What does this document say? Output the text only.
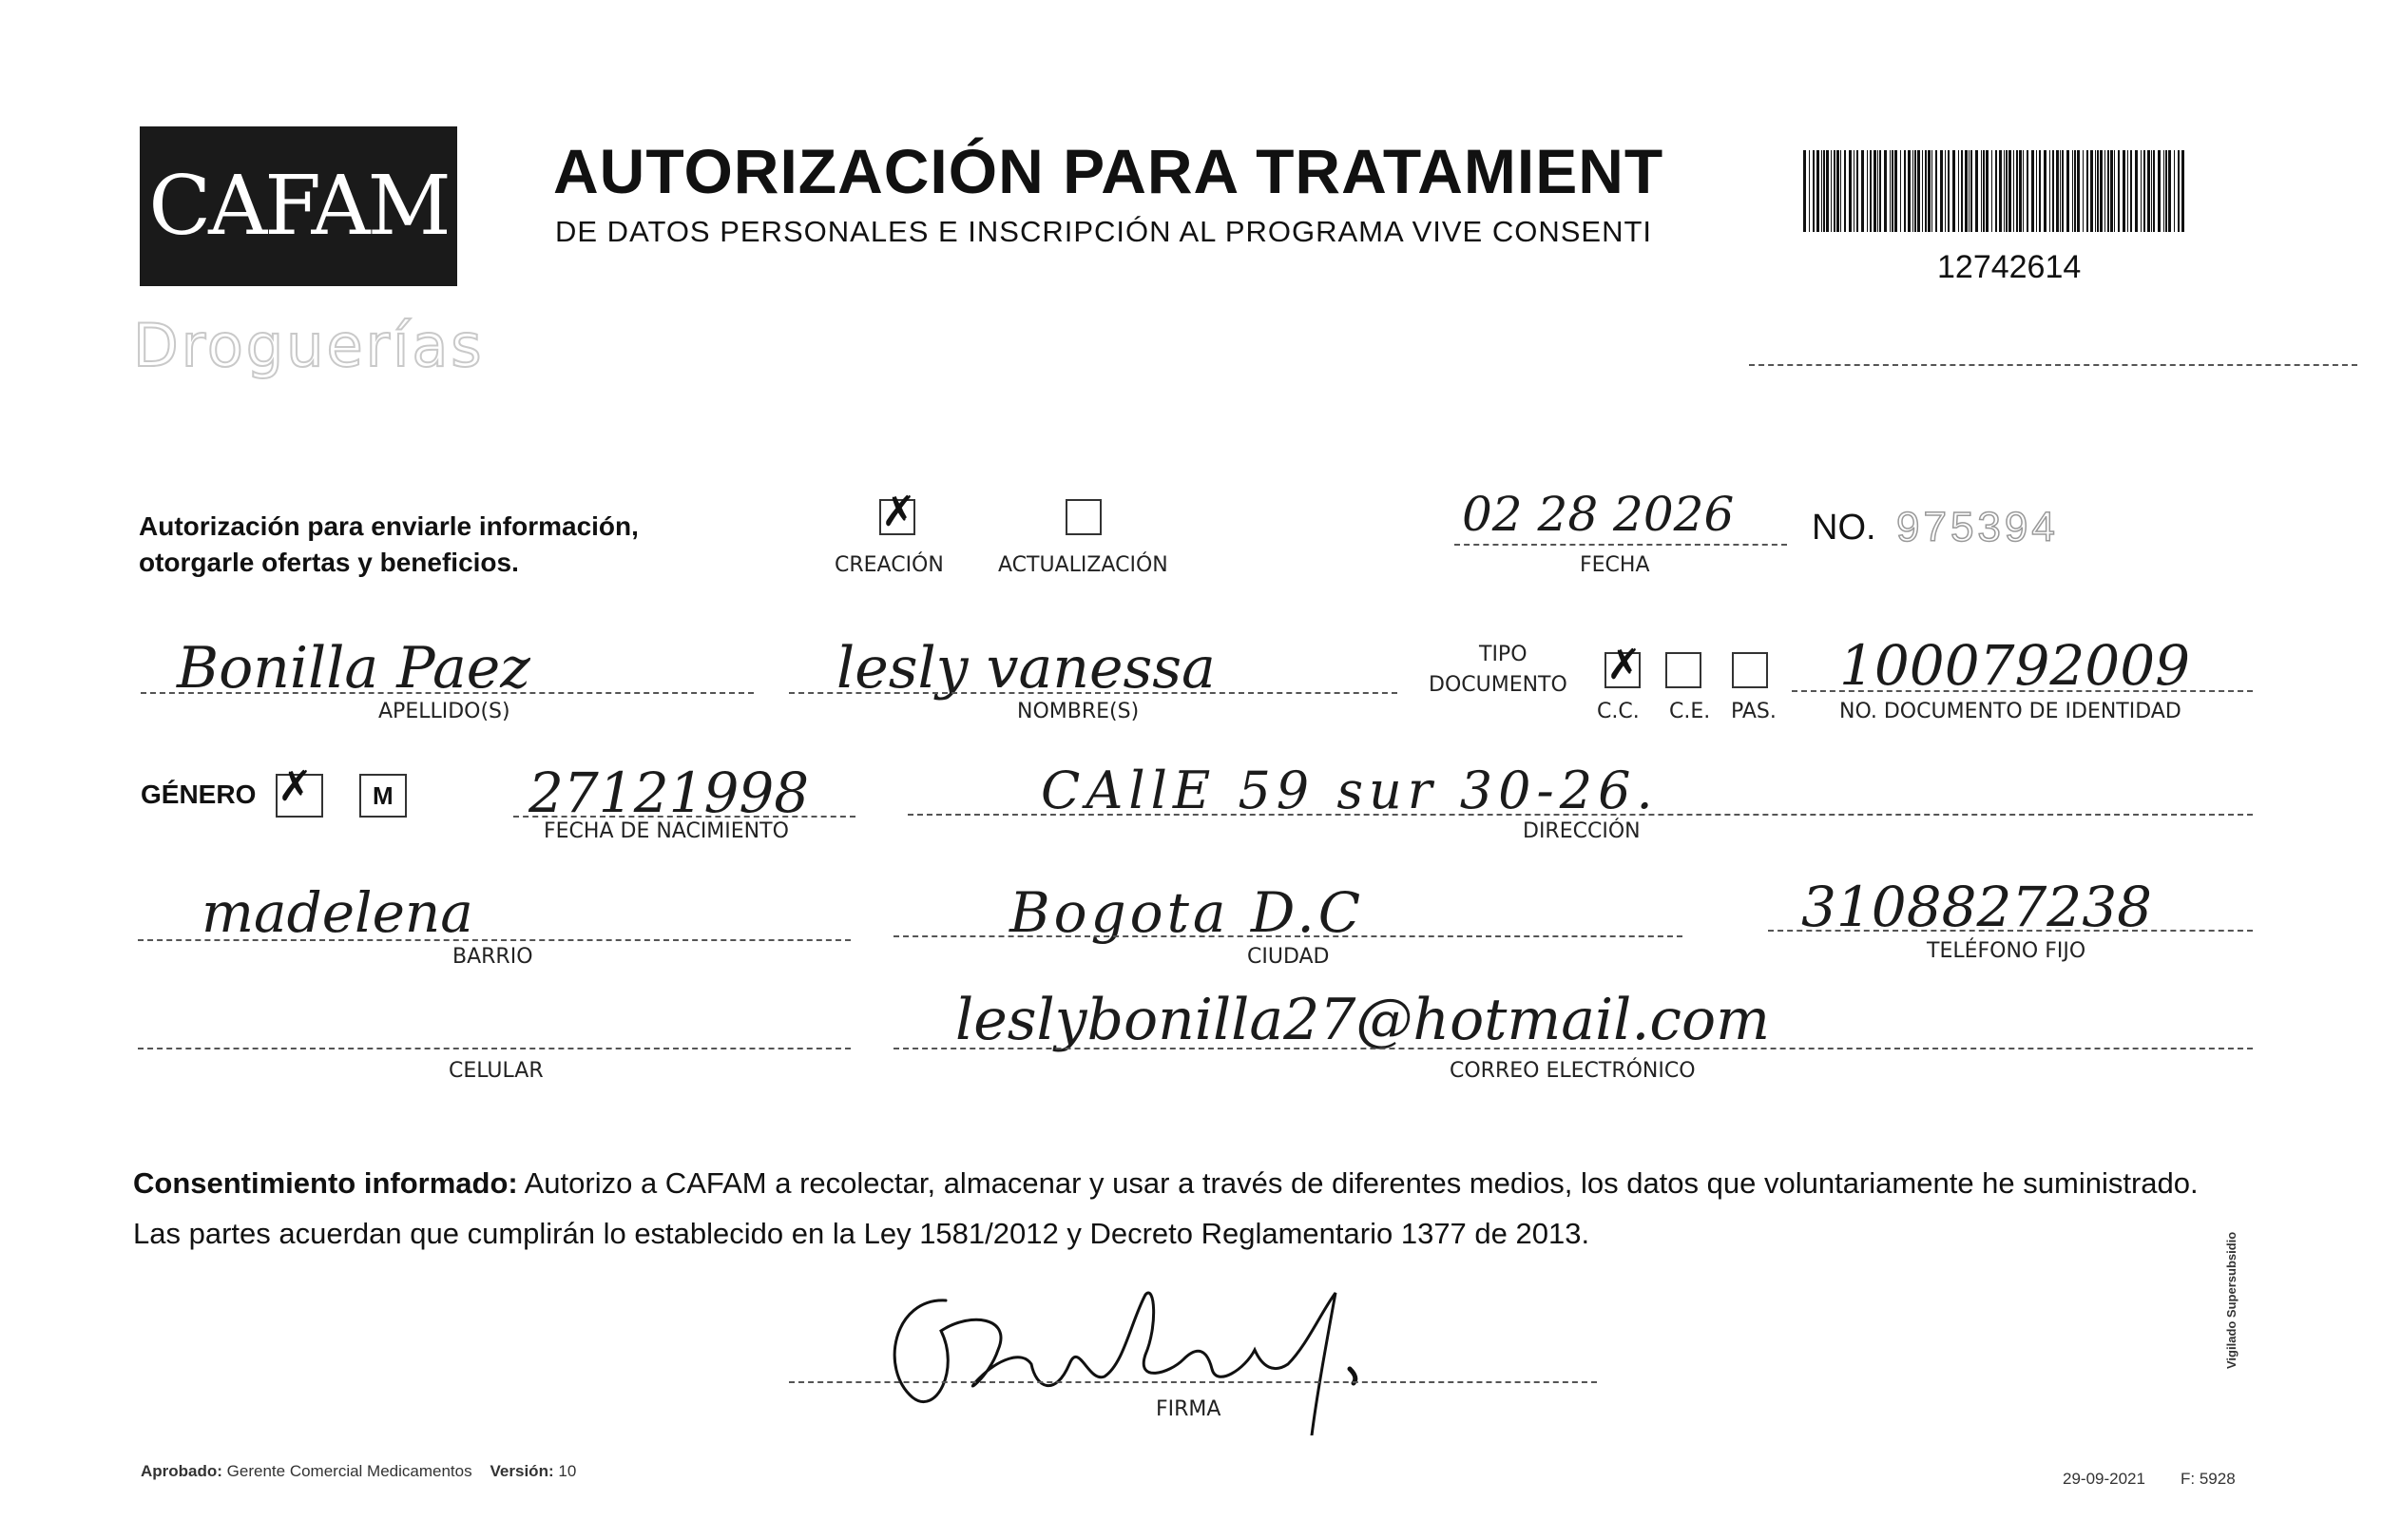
CAFAM
Droguerías
AUTORIZACIÓN PARA TRATAMIENT
DE DATOS PERSONALES E INSCRIPCIÓN AL PROGRAMA VIVE CONSENTI
12742614
Autorización para enviarle información,
otorgarle ofertas y beneficios.
✗	CREACIÓN	ACTUALIZACIÓN
02 28 2026
FECHA
NO. 975394
Bonilla Paez
APELLIDO(S)
lesly vanessa
NOMBRE(S)
TIPO
DOCUMENTO
✗
C.C. C.E. PAS.
1000792009
NO. DOCUMENTO DE IDENTIDAD
GÉNERO
✗	M 27121998
FECHA DE NACIMIENTO
CAllE 59 sur 30-26.
DIRECCIÓN
madelena
BARRIO
Bogota D.C
CIUDAD
3108827238
TELÉFONO FIJO
CELULAR
leslybonilla27@hotmail.com
CORREO ELECTRÓNICO
Consentimiento informado: Autorizo a CAFAM a recolectar, almacenar y usar a través de diferentes medios, los datos que voluntariamente he suministrado.
Las partes acuerdan que cumplirán lo establecido en la Ley 1581/2012 y Decreto Reglamentario 1377 de 2013.
FIRMA
Aprobado: Gerente Comercial Medicamentos Versión: 10	29-09-2021 F: 5928
Vigilado Supersubsidio
